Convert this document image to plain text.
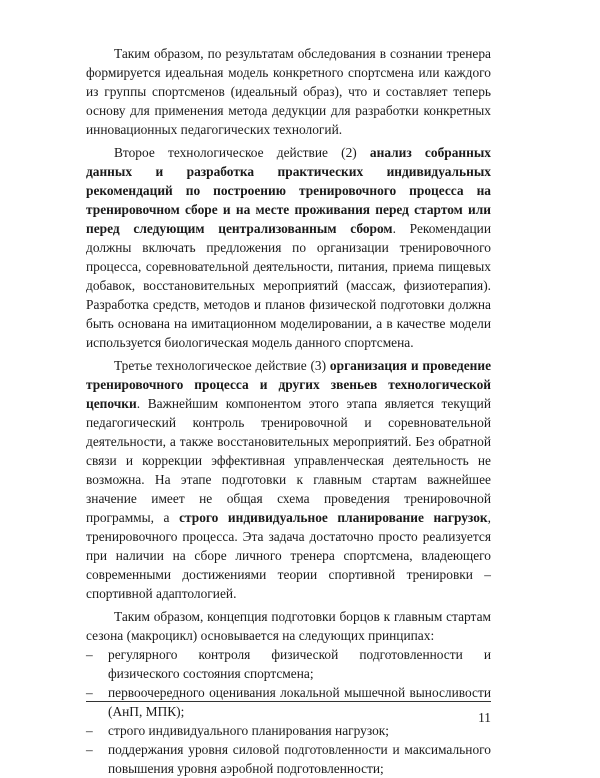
Таким образом, по результатам обследования в сознании тренера формируется идеальная модель конкретного спортсмена или каждого из группы спортсменов (идеальный образ), что и составляет теперь основу для применения метода дедукции для разработки конкретных инновационных педагогических технологий.

Второе технологическое действие (2) анализ собранных данных и разработка практических индивидуальных рекомендаций по построению тренировочного процесса на тренировочном сборе и на месте проживания перед стартом или перед следующим централизованным сбором. Рекомендации должны включать предложения по организации тренировочного процесса, соревновательной деятельности, питания, приема пищевых добавок, восстановительных мероприятий (массаж, физиотерапия). Разработка средств, методов и планов физической подготовки должна быть основана на имитационном моделировании, а в качестве модели используется биологическая модель данного спортсмена.

Третье технологическое действие (3) организация и проведение тренировочного процесса и других звеньев технологической цепочки. Важнейшим компонентом этого этапа является текущий педагогический контроль тренировочной и соревновательной деятельности, а также восстановительных мероприятий. Без обратной связи и коррекции эффективная управленческая деятельность не возможна. На этапе подготовки к главным стартам важнейшее значение имеет не общая схема проведения тренировочной программы, а строго индивидуальное планирование нагрузок, тренировочного процесса. Эта задача достаточно просто реализуется при наличии на сборе личного тренера спортсмена, владеющего современными достижениями теории спортивной тренировки – спортивной адаптологией.

Таким образом, концепция подготовки борцов к главным стартам сезона (макроцикл) основывается на следующих принципах:

– регулярного контроля физической подготовленности и физического состояния спортсмена;
– первоочередного оценивания локальной мышечной выносливости (АнП, МПК);
– строго индивидуального планирования нагрузок;
– поддержания уровня силовой подготовленности и максимального повышения уровня аэробной подготовленности;
11
